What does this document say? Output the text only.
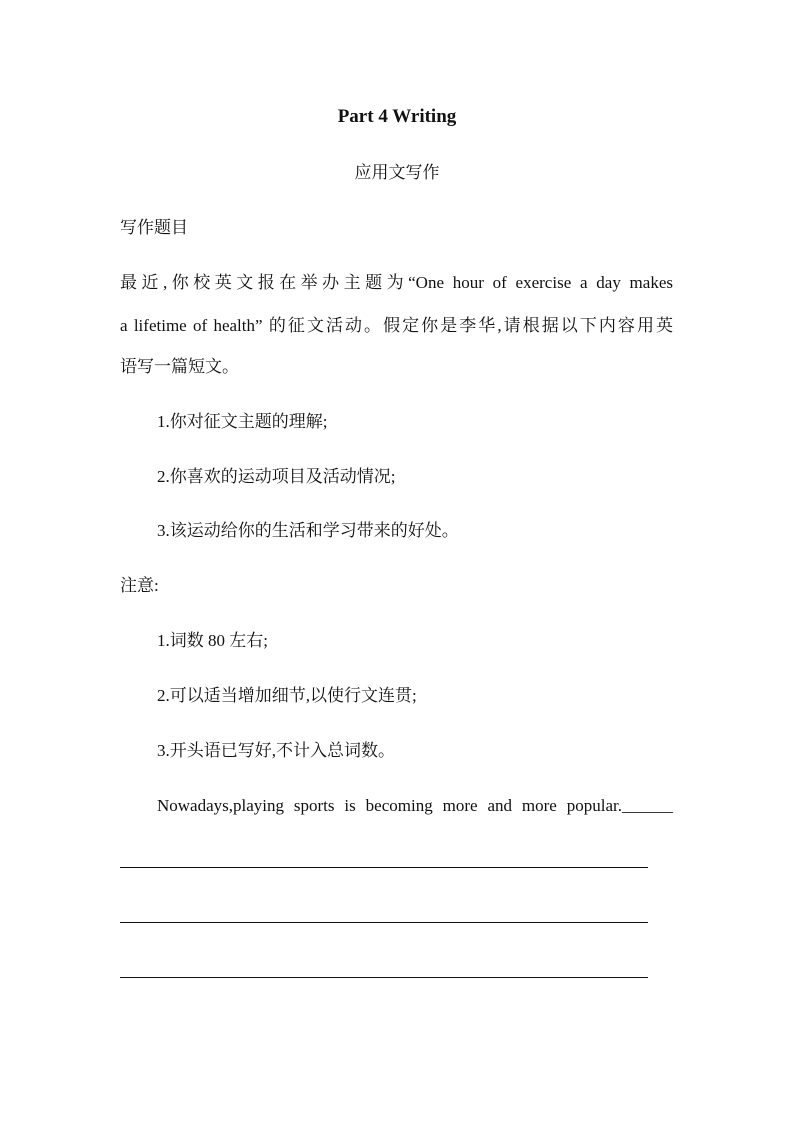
Part 4 Writing
应用文写作
写作题目
最近,你校英文报在举办主题为“One hour of exercise a day makes
a lifetime of health” 的征文活动。假定你是李华,请根据以下内容用英
语写一篇短文。
1.你对征文主题的理解;
2.你喜欢的运动项目及活动情况;
3.该运动给你的生活和学习带来的好处。
注意:
1.词数 80 左右;
2.可以适当增加细节,以使行文连贯;
3.开头语已写好,不计入总词数。
Nowadays,playing sports is becoming more and more popular.______
